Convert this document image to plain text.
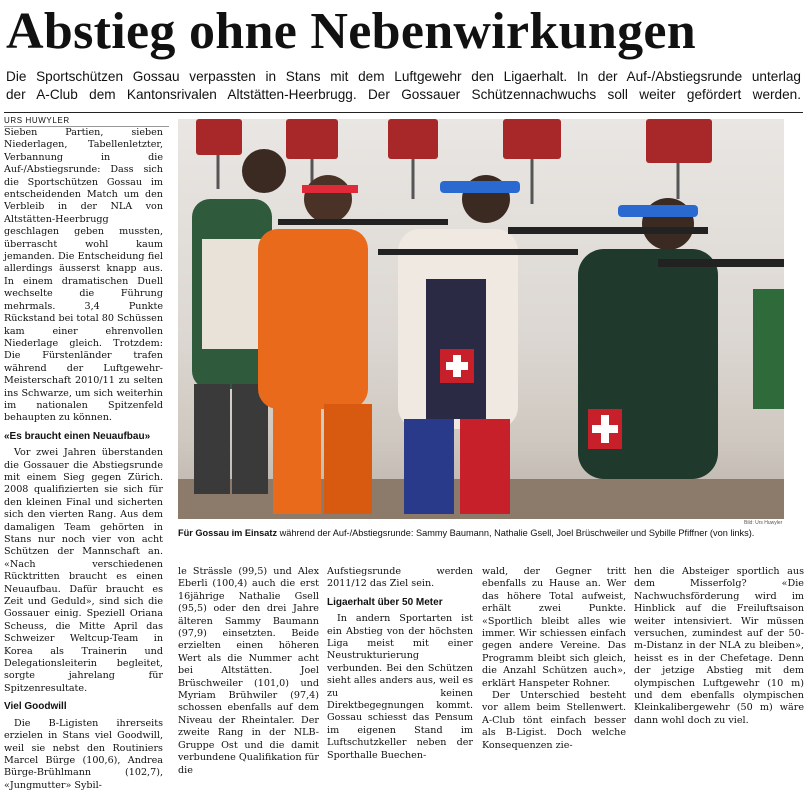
Abstieg ohne Nebenwirkungen
Die Sportschützen Gossau verpassten in Stans mit dem Luftgewehr den Ligaerhalt. In der Auf-/Abstiegsrunde unterlag
der A-Club dem Kantonsrivalen Altstätten-Heerbrugg. Der Gossauer Schützennachwuchs soll weiter gefördert werden.
URS HUWYLER

Sieben Partien, sieben Niederlagen, Tabellenletzter, Verbannung in die Auf-/Abstiegsrunde: Dass sich die Sportschützen Gossau im entscheidenden Match um den Verbleib in der NLA von Altstätten-Heerbrugg geschlagen geben mussten, überrascht wohl kaum jemanden. Die Entscheidung fiel allerdings äusserst knapp aus. In einem dramatischen Duell wechselte die Führung mehrmals. 3,4 Punkte Rückstand bei total 80 Schüssen kam einer ehrenvollen Niederlage gleich. Trotzdem: Die Fürstenländer trafen während der Luftgewehr-Meisterschaft 2010/11 zu selten ins Schwarze, um sich weiterhin im nationalen Spitzenfeld behaupten zu können.

«Es braucht einen Neuaufbau»

Vor zwei Jahren überstanden die Gossauer die Abstiegsrunde mit einem Sieg gegen Zürich. 2008 qualifizierten sie sich für den kleinen Final und sicherten sich den vierten Rang. Aus dem damaligen Team gehörten in Stans nur noch vier von acht Schützen der Mannschaft an. «Nach verschiedenen Rücktritten braucht es einen Neuaufbau. Dafür braucht es Zeit und Geduld», sind sich die Gossauer einig. Speziell Oriana Scheuss, die Mitte April das Schweizer Weltcup-Team in Korea als Trainerin und Delegationsleiterin begleitet, sorgte jahrelang für Spitzenresultate.

Viel Goodwill

Die B-Ligisten ihrerseits erzielen in Stans viel Goodwill, weil sie nebst den Routiniers Marcel Bürge (100,6), Andrea Bürge-Brühlmann (102,7), «Jungmutter» Sybil-

Bild: Urs Huwyler
Für Gossau im Einsatz während der Auf-/Abstiegsrunde: Sammy Baumann, Nathalie Gsell, Joel Brüschweiler und Sybille Pfiffner (von links).

le Strässle (99,5) und Alex Eberli (100,4) auch die erst 16jährige Nathalie Gsell (95,5) oder den drei Jahre älteren Sammy Baumann (97,9) einsetzten. Beide erzielten einen höheren Wert als die Nummer acht bei Altstätten. Joel Brüschweiler (101,0) und Myriam Brühwiler (97,4) schossen ebenfalls auf dem Niveau der Rheintaler. Der zweite Rang in der NLB-Gruppe Ost und die damit verbundene Qualifikation für die

Aufstiegsrunde werden 2011/12 das Ziel sein.

Ligaerhalt über 50 Meter

In andern Sportarten ist ein Abstieg von der höchsten Liga meist mit einer Neustrukturierung verbunden. Bei den Schützen sieht alles anders aus, weil es zu keinen Direktbegegnungen kommt. Gossau schiesst das Pensum im eigenen Stand im Luftschutzkeller neben der Sporthalle Buechen-

wald, der Gegner tritt ebenfalls zu Hause an. Wer das höhere Total aufweist, erhält zwei Punkte. «Sportlich bleibt alles wie immer. Wir schiessen einfach gegen andere Vereine. Das Programm bleibt sich gleich, die Anzahl Schützen auch», erklärt Hanspeter Rohner.

Der Unterschied besteht vor allem beim Stellenwert. A-Club tönt einfach besser als B-Ligist. Doch welche Konsequenzen zie-

hen die Absteiger sportlich aus dem Misserfolg? «Die Nachwuchsförderung wird im Hinblick auf die Freiluftsaison weiter intensiviert. Wir müssen versuchen, zumindest auf der 50-m-Distanz in der NLA zu bleiben», heisst es in der Chefetage. Denn der jetzige Abstieg mit dem olympischen Luftgewehr (10 m) und dem ebenfalls olympischen Kleinkalibergewehr (50 m) wäre dann wohl doch zu viel.
